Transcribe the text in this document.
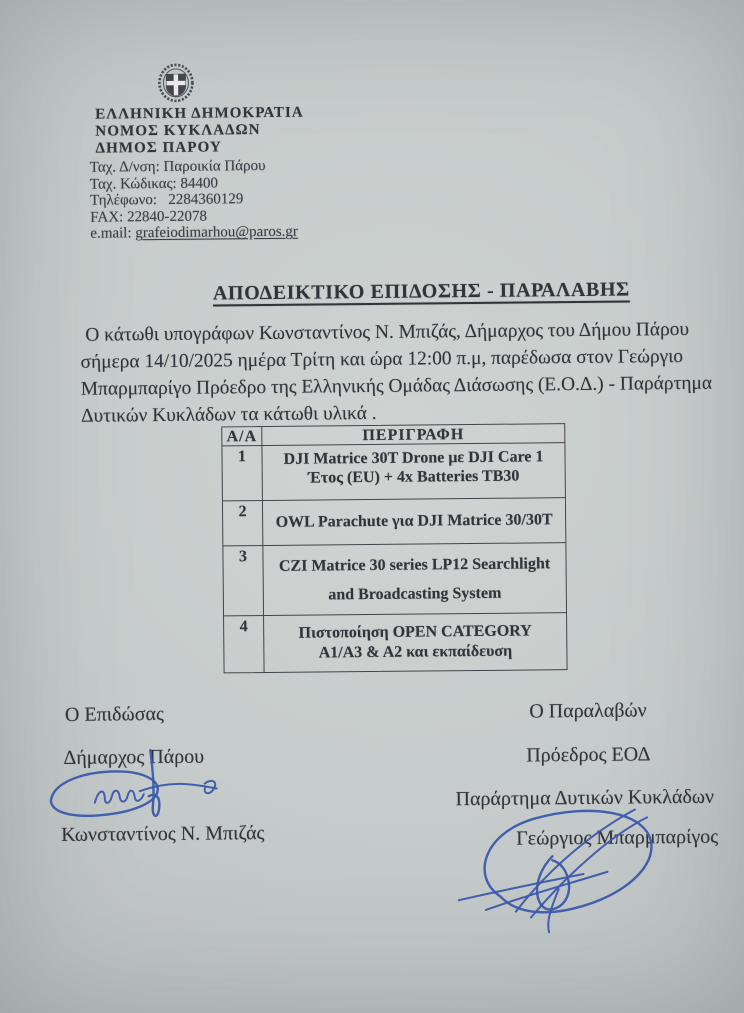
ΕΛΛΗΝΙΚΗ ΔΗΜΟΚΡΑΤΙΑ
ΝΟΜΟΣ ΚΥΚΛΑΔΩΝ
ΔΗΜΟΣ ΠΑΡΟΥ
Ταχ. Δ/νση: Παροικία Πάρου
Ταχ. Κώδικας: 84400
Τηλέφωνο:   2284360129
FAX: 22840-22078
e.mail: grafeiodimarhou@paros.gr
ΑΠΟΔΕΙΚΤΙΚΟ ΕΠΙΔΟΣΗΣ - ΠΑΡΑΛΑΒΗΣ
Ο κάτωθι υπογράφων Κωνσταντίνος Ν. Μπιζάς, Δήμαρχος του Δήμου Πάρου
σήμερα 14/10/2025 ημέρα Τρίτη και ώρα 12:00 π.μ, παρέδωσα στον Γεώργιο
Μπαρμπαρίγο Πρόεδρο της Ελληνικής Ομάδας Διάσωσης (Ε.Ο.Δ.) - Παράρτημα
Δυτικών Κυκλάδων τα κάτωθι υλικά .
Α/Α	ΠΕΡΙΓΡΑΦΗ
1	DJI Matrice 30T Drone με DJI Care 1
Έτος (EU) + 4x Batteries TB30
2	OWL Parachute για DJI Matrice 30/30T
3	CZI Matrice 30 series LP12 Searchlight
and Broadcasting System
4	Πιστοποίηση OPEN CATEGORY
A1/A3 & A2 και εκπαίδευση
Ο Επιδώσας
Δήμαρχος Πάρου
Κωνσταντίνος Ν. Μπιζάς
Ο Παραλαβών
Πρόεδρος ΕΟΔ
Παράρτημα Δυτικών Κυκλάδων
Γεώργιος Μπαρμπαρίγος
